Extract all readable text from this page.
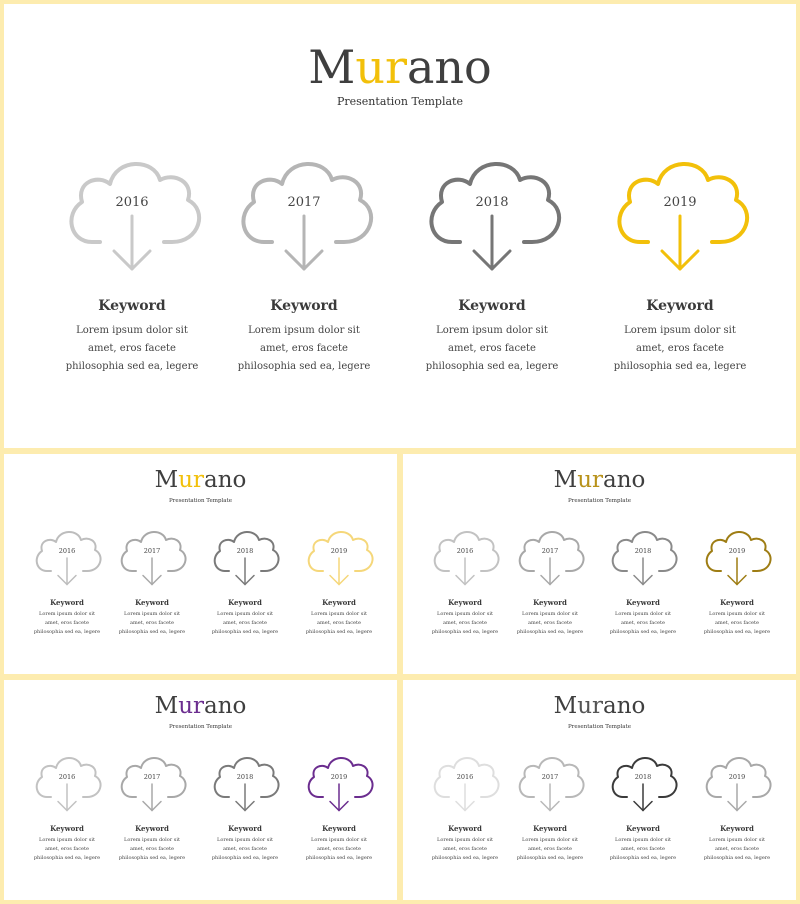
Murano
Presentation Template
2016
Keyword
Lorem ipsum dolor sit
amet, eros facete
philosophia sed ea, legere
2017
Keyword
Lorem ipsum dolor sit
amet, eros facete
philosophia sed ea, legere
2018
Keyword
Lorem ipsum dolor sit
amet, eros facete
philosophia sed ea, legere
2019
Keyword
Lorem ipsum dolor sit
amet, eros facete
philosophia sed ea, legere
Murano
Presentation Template
2016
Keyword
Lorem ipsum dolor sit
amet, eros facete
philosophia sed ea, legere
2017
Keyword
Lorem ipsum dolor sit
amet, eros facete
philosophia sed ea, legere
2018
Keyword
Lorem ipsum dolor sit
amet, eros facete
philosophia sed ea, legere
2019
Keyword
Lorem ipsum dolor sit
amet, eros facete
philosophia sed ea, legere
Murano
Presentation Template
2016
Keyword
Lorem ipsum dolor sit
amet, eros facete
philosophia sed ea, legere
2017
Keyword
Lorem ipsum dolor sit
amet, eros facete
philosophia sed ea, legere
2018
Keyword
Lorem ipsum dolor sit
amet, eros facete
philosophia sed ea, legere
2019
Keyword
Lorem ipsum dolor sit
amet, eros facete
philosophia sed ea, legere
Murano
Presentation Template
2016
Keyword
Lorem ipsum dolor sit
amet, eros facete
philosophia sed ea, legere
2017
Keyword
Lorem ipsum dolor sit
amet, eros facete
philosophia sed ea, legere
2018
Keyword
Lorem ipsum dolor sit
amet, eros facete
philosophia sed ea, legere
2019
Keyword
Lorem ipsum dolor sit
amet, eros facete
philosophia sed ea, legere
Murano
Presentation Template
2016
Keyword
Lorem ipsum dolor sit
amet, eros facete
philosophia sed ea, legere
2017
Keyword
Lorem ipsum dolor sit
amet, eros facete
philosophia sed ea, legere
2018
Keyword
Lorem ipsum dolor sit
amet, eros facete
philosophia sed ea, legere
2019
Keyword
Lorem ipsum dolor sit
amet, eros facete
philosophia sed ea, legere
